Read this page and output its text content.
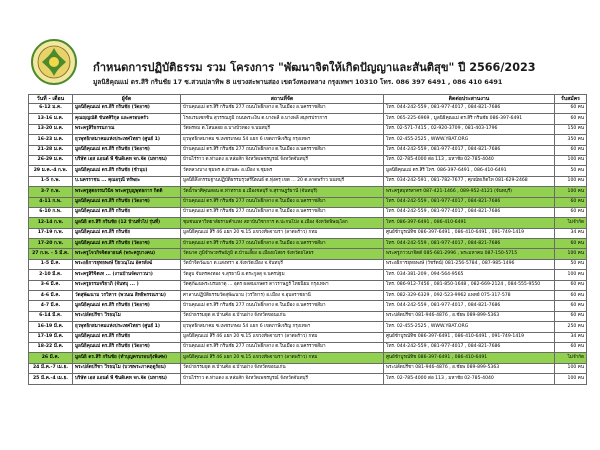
กำหนดการปฏิบัติธรรม รวม โครงการ "พัฒนาจิตให้เกิดปัญญาและสันติสุข" ปี 2566/2023
มูลนิธิคุณแม่ ดร.สิริ กรินชัย 17 ซ.สวนปลาทิพ 8 แขวงสะพานสอง เขตวังทองหลาง กรุงเทพฯ 10310 โทร. 086 397 6491 , 086 410 6491
วันที่ - เดือน	ผู้จัด	สถานที่จัด	ติดต่อประสานงาน	รับสมัคร
6-12 ม.ค.	มูลนิธิคุณแม่ ดร.สิริ กรินชัย (วัดอาซ)	บ้านคุณแม่ ดร.สิริ กรินชัย 277 ถนนโพธิ์กลาง ต.ในเมือง อ.นครราชสีมา	โทร. 044-242-559 , 081-977-4017 , 084-821-7686	60 คน
13-16 ม.ค.	คุณญฺญณัติ ขันทศิริกุล และครอบครัว	โรงแรมเซกซิน สุวรรณภูมิ ถนนพระเงิน ต.บางพลี อ.บางพลี สมุทรปราการ	โทร. 065-225-6969 , มูลนิธิคุณแม่ ดร.สิริ กรินชัย 086-397-6491	60 คน
13-20 ม.ค.	พระครูสิริธรรมภาณ	วัดพรหม ต.โสนลอย อ.บางบัวทอง จ.นนทบุรี	โทร. 02-571-7415 , 02-920-3709 , 081-403-1796	150 คน
16-23 ม.ค.	ยุวพุทธิกสมาคมแห่งประเทศไทยฯ (ศูนย์ 1)	ยุวพุทธิกสมาคม ซ.เพชรเกษม 54 แยก 6 เขตภาษีเจริญ กรุงเทพฯ	โทร. 02-455-2525 , WWW.YBAT.ORG	350 คน
21-28 ม.ค.	มูลนิธิคุณแม่ ดร.สิริ กรินชัย (วัดอาซ)	บ้านคุณแม่ ดร.สิริ กรินชัย 277 ถนนโพธิ์กลาง ต.ในเมือง อ.นครราชสีมา	โทร. 044-242-559 , 081-977-4017 , 084-821-7686	60 คน
26-29 ม.ค.	บริษัท เอส แอนด์ พี ซินดิเคท จก.จัด (มหาชน)	บ้านไร่ราว ต.ท่าแดง อ.หล่มสัก จังหวัดเพชรบูรณ์ จังหวัดจันทบุรี	โทร. 02-785-4000 ต่อ 113 , มหาชัย 02-785-4040	100 คน
29 ม.ค.-4 ก.พ.	มูลนิธิคุณแม่ ดร.สิริ กรินชัย (ชำนุบ)	วัดหลวงบาง ชุมพร ต.ย่านสะ อ.เมือง จ.ชุมพร	มูลนิธิคุณแม่ ดร.สิริ โทร. 086-397-6491 , 086-410-6491	50 คน
1-5 ก.พ.	บ.นครราชน ... คุณอรุณี ทรัพยะ	มูลนิธิลึ่งกรรมฐานปฏิบัติธรรมรุวสรีนิพนธ์ ต.ทุ่งครุ เขต ... 20 ต.ลาดพร้าว นนทบุรี	โทร. 034-242-591 , 081-782-7677 , ศุภณัทเกิดไท 081-629-2468	100 คน
3-7 ก.พ.	พระครูสุตธรรมวินิจ พระครูบุญพุทธการ กิตติ	วัดน้ำพาศิคุณสอน ต.ท่าทราย อ.เมืองชลบุรี จ.สุราษฎร์ธานี (จันทบุรี)	พระครูสมุทรสาคร 087-421-1466 , 089-952-4121 (จันทบุรี)	100 คน
4-11 ก.พ.	มูลนิธิคุณแม่ ดร.สิริ กรินชัย (วัดอาซ)	บ้านคุณแม่ ดร.สิริ กรินชัย 277 ถนนโพธิ์กลาง ต.ในเมือง อ.นครราชสีมา	โทร. 044-242-559 , 081-977-4017 , 084-821-7686	60 คน
6-10 ก.พ.	มูลนิธิคุณแม่ ดร.สิริ กรินชัย	บ้านคุณแม่ ดร.สิริ กรินชัย 277 ถนนโพธิ์กลาง ต.ในเมือง อ.นครราชสีมา	โทร. 044-242-559 , 081-977-4017 , 084-821-7686	60 คน
12-14 ก.พ.	มูลนิธิ ดร.สิริ กรินชัย (12 บ้านทั่วไป รุ่นที่)	ชุมชนมหาวิทยาลัยรามคำแหง สถาบันวิชาการ ต.ปะกนโป่ง อ.เมือง จังหวัดพิษณุโลก	โทร. 086-397-6491 , 086-410-6491	ไม่จำกัด
17-19 ก.พ.	มูลนิธิคุณแม่ ดร.สิริ กรินชัย	มูลนิธิคุณแม่ สิริ 46 แยก 20 ซ.15 แขวงทัพจามรา (ลาดพร้าว) กทม	ศูนย์ข้าบูรณ์ทิช 086-397-6491 , 086-410-6491 , 091-749-1419	34 คน
17-20 ก.พ.	มูลนิธิคุณแม่ ดร.สิริ กรินชัย (วัดอาซ)	บ้านคุณแม่ ดร.สิริ กรินชัย 277 ถนนโพธิ์กลาง ต.ในเมือง อ.นครราชสีมา	โทร. 044-242-559 , 081-977-4017 , 084-821-7686	60 คน
27 ก.พ. - 5 มี.ค.	พระครูโจวกิจจิตลาธนค์ (พระครูบางคน)	วัดนาค ภูมิจำพวทรัพย์ภูมิ ต.บ้านเลี้ยง อ.เมืองยโสธร จังหวัดยโสธร	พระครูภาวนาจิตต์ 085-681-2996 , พระมหาคม 087-150-5715	100 คน
1-5 มี.ค.	พระอธิการยุทธพงษ์ ปิยวณฺโณ อัครสังฆ์	วัดปำจิตวัฒนา ต.แสงทรา อ.จังหวัดเมือง จ.จันทบุรี	พระอธิการยุทธพงษ์ (วัชรัตน์) 081-256-5784 , 087-985-1496	50 คน
2-10 มี.ค.	พระครูสิริจิตเท ... (งานบ้านจัดภาวนา)	วัดลูบ จันทรคงทอง จ.สุรธานี อ.ตระกูลสุ จ.นครปฐม	โทร. 034-381-209 , 094-564-9565	100 คน
3-6 มี.ค.	พระครูธรรมจริยาภิ (จันทบุ ... )	วัดศุภัฒนพระบรมธาตุ ... อุดร ผลสมเกษตร ดาวราษฎร์ ไทยนิยม กรุงเทพฯ	โทร. 086-912-7456 , 081-850-1648 , 082-669-2124 , 084-555-9550	60 คน
4-6 มี.ค.	วัดสุพัฒนาม วรวิหาร (พวนณ สิทธิพรรณราม)	ศาลานปฏิบัติธรรมวัดสุพัฒนาม (วรวิหาร) อ.เมือง จ.อุบลราชธานี	โทร. 082-329-6329 , 092-523-9962 แพทย์ 075-317-578	60 คน
4-7 มี.ค.	มูลนิธิคุณแม่ ดร.สิริ กรินชัย (วัดอาซ)	บ้านคุณแม่ ดร.สิริ กรินชัย 277 ถนนโพธิ์กลาง ต.ในเมือง อ.นครราชสีมา	โทร. 044-242-559 , 081-977-4017 , 084-821-7686	60 คน
6-14 มี.ค.	พระปลัดปรีชา วีรธมฺโม	วัดป่าธรรมยุต ต.บ้านค้อ อ.บ้านฝาง จังหวัดขอนแก่น	พระปลัดปรีชา 081-946-4876 , อ.ชัยพ 089-899-5363	60 คน
16-19 มี.ค.	ยุวพุทธิกสมาคมแห่งประเทศไทยฯ (ศูนย์ 1)	ยุวพุทธิกสมาคม ซ.เพชรเกษม 54 แยก 6 เขตภาษีเจริญ กรุงเทพฯ	โทร. 02-455-2525 , WWW.YBAT.ORG	250 คน
17-19 มี.ค.	มูลนิธิคุณแม่ ดร.สิริ กรินชัย	มูลนิธิคุณแม่ สิริ 46 แยก 20 ซ.15 แขวงทัพจามรา (ลาดพร้าว) กทม	ศูนย์ข้าบูรณ์ทิช 086-397-6491 , 086-410-6491 , 091-749-1419	34 คน
18-22 มี.ค.	มูลนิธิคุณแม่ ดร.สิริ กรินชัย (วัดอาซ)	บ้านคุณแม่ ดร.สิริ กรินชัย 277 ถนนโพธิ์กลาง ต.ในเมือง อ.นครราชสีมา	โทร. 044-242-559 , 081-977-4017 , 084-821-7686	60 คน
26 มี.ค.	มูลนิธิ ดร.สิริ กรินชัย (ทำบุญครบรอบกุ้งพิเศษ)	มูลนิธิคุณแม่ สิริ 46 แยก 20 ซ.15 แขวงทัพจามรา (ลาดพร้าว) กทม	ศูนย์ข้าบูรณ์ทิช 086-397-6491 , 086-410-6491	ไม่จำกัด
24 มี.ค.-7 เม.ย.	พระปลัดปรีชา วีรธมฺโม (บวชพระภาคฤดูร้อน)	วัดป่าธรรมยุต ต.บ้านค้อ อ.บ้านฝาง จังหวัดขอนแก่น	พระปลัดปรีชา 081-946-4876 , อ.ชัยพ 089-899-5363	100 คน
25 มี.ค.-4 เม.ย.	บริษัท เอส แอนด์ พี ซินดิเคท จก.จัด (มหาชน)	บ้านไร่ราว ต.ท่าแดง อ.หล่มสัก จังหวัดเพชรบูรณ์ จังหวัดจันทบุรี	โทร. 02-785-4000 ต่อ 113 , มหาชัย 02-785-4040	100 คน
